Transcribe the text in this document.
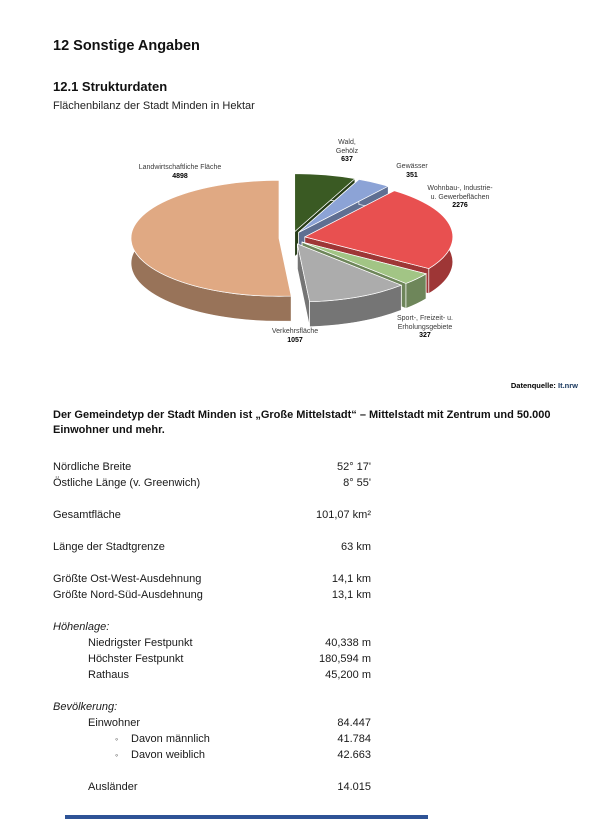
12 Sonstige Angaben
12.1 Strukturdaten
Flächenbilanz der Stadt Minden in Hektar
Wald,
Gehölz
637
Gewässer
351
Wohnbau-, Industrie-
u. Gewerbeflächen
2276
Sport-, Freizeit- u.
Erholungsgebiete
327
Verkehrsfläche
1057
Landwirtschaftliche Fläche
4898
Datenquelle: It.nrw

Der Gemeindetyp der Stadt Minden ist „Große Mittelstadt“ – Mittelstadt mit Zentrum und 50.000 Einwohner und mehr.

Nördliche Breite	52° 17'
Östliche Länge (v. Greenwich)	8° 55'
Gesamtfläche	101,07 km²
Länge der Stadtgrenze	63 km
Größte Ost-West-Ausdehnung	14,1 km
Größte Nord-Süd-Ausdehnung	13,1 km
Höhenlage:
Niedrigster Festpunkt	40,338 m
Höchster Festpunkt	180,594 m
Rathaus	45,200 m
Bevölkerung:
Einwohner	84.447
◦ Davon männlich	41.784
◦ Davon weiblich	42.663
Ausländer	14.015
